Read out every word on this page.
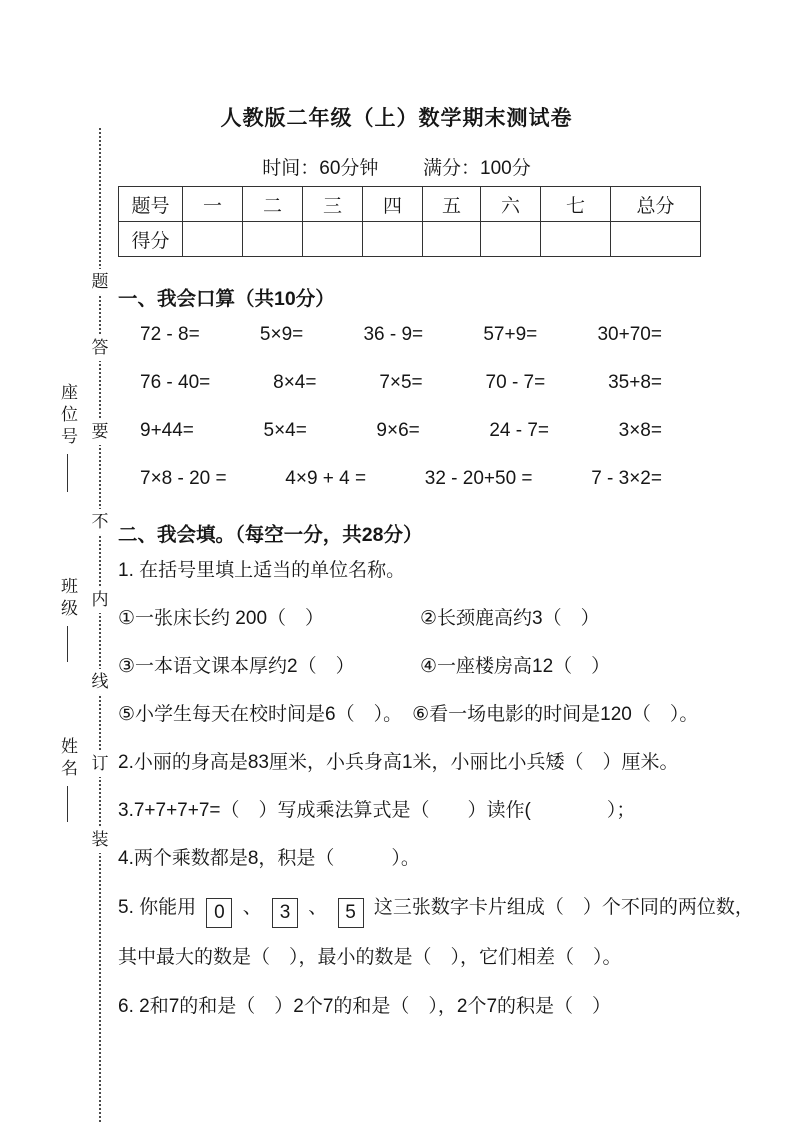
题
答
要
不
内
线
订
装
座位号
班级
姓名
人教版二年级（上）数学期末测试卷
时间：60分钟 满分：100分
题号	一	二	三	四	五	六	七	总分
得分								
一、我会口算（共10分）
72 - 8=	5×9=	36 - 9=	57+9=	30+70=
76 - 40=	8×4=	7×5=	70 - 7=	35+8=
9+44=	5×4=	9×6=	24 - 7=	3×8=
7×8 - 20 =	4×9 + 4 =	32 - 20+50 =	7 - 3×2=
二、我会填。（每空一分，共28分）

1. 在括号里填上适当的单位名称。

①一张床长约 200（　）	②长颈鹿高约3（　）
③一本语文课本厚约2（　）	④一座楼房高12（　）
⑤小学生每天在校时间是6（　）。 ⑥看一场电影的时间是120（　）。

2.小丽的身高是83厘米，小兵身高1米，小丽比小兵矮（　）厘米。

3.7+7+7+7=（　）写成乘法算式是（　　）读作(　　　　）；

4.两个乘数都是8，积是（　　　）。

5. 你能用 0 、 3 、 5 这三张数字卡片组成（　）个不同的两位数，其中最大的数是（　），最小的数是（　），它们相差（　）。

6. 2和7的和是（　）2个7的和是（　），2个7的积是（　）
